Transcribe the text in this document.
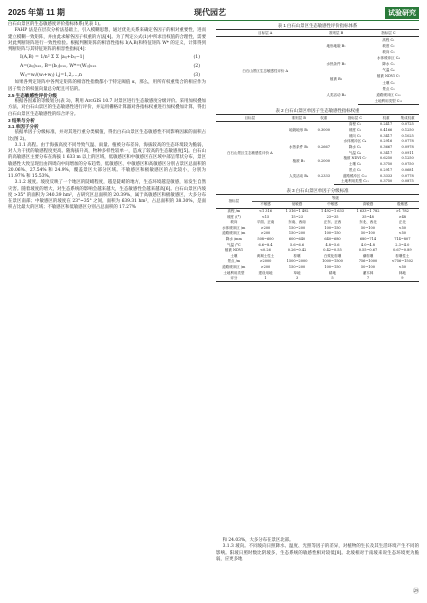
2025 年第 11 期	现代园艺	试验研究

白石山景区的生态敏感度评价指标体系(见表 1)。

FAHP 法是在层次分析法基础上，引入模糊思想，通过优先关系来确定各因子的相对重要性，进而建立模糊一致矩阵，并由此求解各因子权重的方法[4]。为了判定公式(1)中所求出权值的合理性，需要对此判断矩阵进行一致性检验。根据判断矩阵的相容性指标 I(A,B)和特征矩阵 W* 的定义，计算得到判断矩阵与其特征矩阵的相容性指标[4]：

I(A,B) = 1/n² Σ Σ |aᵢⱼ+bᵢⱼ−1|	(1)
A=(aᵢⱼ)ₙₓₙ, B=(bᵢⱼ)ₙₓₙ, W*=(Wᵢⱼ)ₙₓₙ	(2)
Wᵢⱼ=wᵢ/(wᵢ+wⱼ) i,j=1,2,…,n	(3)

如果各判定矩阵中各判定矩阵的相容性指数都小于特定阈值 α，那么，用所有权重集合的相应作为因子集合的权值向量总分配且可信的。

2.5 生态敏感性评价分级

根据各因素的等级划分(表 3)，利用 ArcGIS 10.7 对景区进行生态敏感度分级评价。采用加权叠加方法，对白石山景区的生态敏感性进行评价，并运用栅格计算器对各指标权重进行加权叠加计算，得出白石山景区生态敏感性的综合评分。

3 结果与分析

3.1 单因子分析

依据单因子分级标准，并对其进行重分类赋值，得出白石山景区生态敏感性不同影响因素的面积占比(图 2)。

3.1.1 高程。由于海拔高度不同导致气温、雨量、植被分布差异，海拔较高的生态环境较为脆弱，对人为干扰的敏感程度更高。随海拔升高，物种多样性较单一，造成了较高的生态敏感度[5]。白石山的高敏感区主要分布在海拔 1 633 m 以上的区域，低敏感区和中敏感区在区域中部呈带状分布，景区敏感性大致呈现出由四周向中间增加的分布趋势，低敏感区、中敏感区和高敏感区分别占景区总面积的 20.06%、27.54% 和 24.9%，覆盖景区大部分区域。不敏感区和极敏感区的占比较小，分别为 11.97% 和 15.53%。

3.1.2 坡度。坡度反映了一个地区的陡峭程度，越是陡峭的地方，生态环境越是敏感，易发生自然灾害。随着坡度的增大，对生态系统的影响会越来越大，生态敏感性会越来越高[6]。白石山景区内坡度 >35° 的面积为 340.39 hm²，占研究区总面积的 20.39%，属于高敏感区和极敏感区，大多分布在景区南部；中敏感区的坡度在 23°~35° 之间，面积为 639.31 hm²，占总面积的 38.30%，是面积占比最大的区域；不敏感区和低敏感区分别占总面积的 17.27%

表 1 白石山景区生态敏感性评价指标体系
目标层 A	准则层 B	指标层 C
白石山景区生态敏感性评价 A	地形地貌 B₁	高程 C₁
		坡度 C₂
		坡向 C₃
	水热条件 B₂	水体缓冲区 C₄
		降水 C₅
		气温 C₆
	植被 B₃	植被 NDVI C₇
		土壤 C₈
	人类活动 B₄	景点 C₉
		道路缓冲区 C₁₀
		土地利用类型 C₁₁
表 2 白石山景区单因子生态敏感性指标权重
目标层	准则层 B	权重	指标层 C	权重	集成权重
白石山景区生态敏感性评价 A	地貌地形 B₁	0.3000	高程 C₁	0.2417	0.0725
			坡度 C₂	0.4166	0.1250
			坡向 C₃	0.3417	0.1025
	水热条件 B₂	0.2667	水体缓冲区 C₄	0.2916	0.0778
			降水 C₅	0.3667	0.0978
			气温 C₆	0.3417	0.0911
	植被 B₃	0.2000	植被 NDVI C₇	0.6250	0.1250
			土壤 C₈	0.3750	0.0750
	人类活动 B₄	0.2333	景点 C₉	0.2917	0.0681
			道路缓冲区 C₁₀	0.3333	0.0778
			土地利用类型 C₁₁	0.3750	0.0875
表 3 白石山景区单因子分级标准
指标层	等级				
	不敏感	低敏感	中敏感	高敏感	极敏感
高程 /m	<1 316	1 316~1 492	1 492~1 633	1 633~1 782	>1 782
坡度 /(°)	<15	15~23	23~35	35~48	>48
坡向	平面、正南	东南、西南	正东、正西	东北、西北	正北
水体缓冲区 /m	>200	150~200	100~150	50~100	<50
道路缓冲区 /m	>200	150~200	100~150	50~100	<50
降水 /mm	508~600	600~640	640~680	680~714	714~807
气温 /°C	6.6~8.4	5.6~6.6	4.8~5.6	4.0~4.8	2.3~4.0
植被 NDVI	<0.26	0.26~0.42	0.42~0.55	0.55~0.67	0.67~0.89
土壤	黄褐土性土	棕壤	白浆化棕壤	潮棕壤	棕壤性土
景点 /m	>2000	1500~2000	1000~1500	756~1000	<756~1502
道路缓冲区 /m	>200	150~200	100~150	50~100	<50
土地利用类型	建设用地	草地	耕地	灌木林	林地
评分	1	3	5	7	9

和 24.03%，大多分布在景区北部。

3.1.3 坡向。不同坡向日照降水、温度、光照等因子的差异，对植物的生长及其生活环境产生不同的影响。阳坡日照时数比阴坡多，生态系统的敏感性相对较低[8]。北坡相对于南坡来说生态环境更为脆弱，应更多地

㉙
